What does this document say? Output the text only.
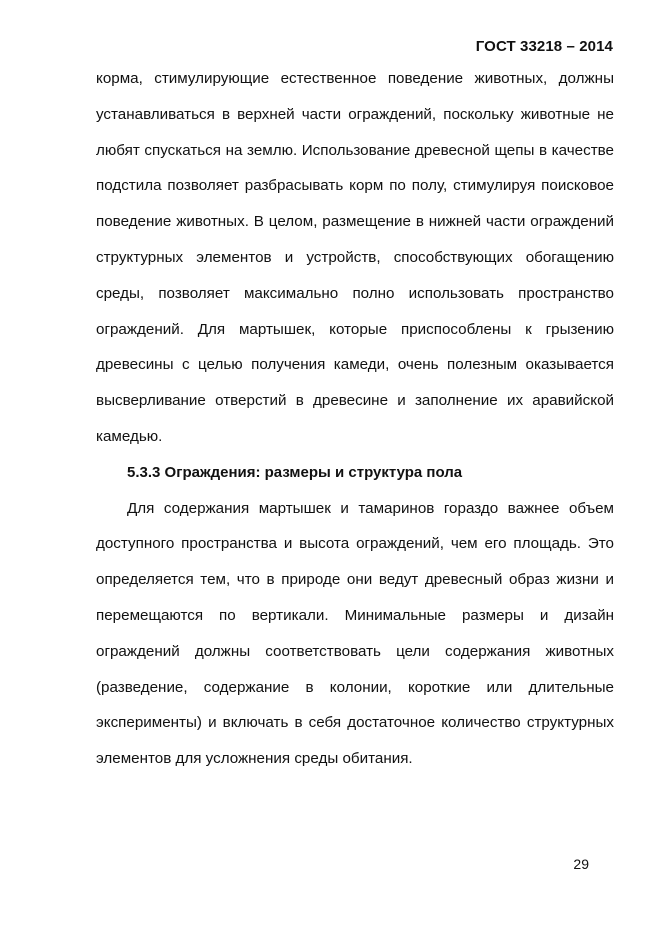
ГОСТ 33218 – 2014

корма, стимулирующие естественное поведение животных, должны устанавливаться в верхней части ограждений, поскольку животные не любят спускаться на землю. Использование древесной щепы в качестве подстила позволяет разбрасывать корм по полу, стимулируя поисковое поведение животных. В целом, размещение в нижней части ограждений структурных элементов и устройств, способствующих обогащению среды, позволяет максимально полно использовать пространство ограждений. Для мартышек, которые приспособлены к грызению древесины с целью получения камеди, очень полезным оказывается высверливание отверстий в древесине и заполнение их аравийской камедью.

5.3.3 Ограждения: размеры и структура пола

Для содержания мартышек и тамаринов гораздо важнее объем доступного пространства и высота ограждений, чем его площадь. Это определяется тем, что в природе они ведут древесный образ жизни и перемещаются по вертикали. Минимальные размеры и дизайн ограждений должны соответствовать цели содержания животных (разведение, содержание в колонии, короткие или длительные эксперименты) и включать в себя достаточное количество структурных элементов для усложнения среды обитания.

29
